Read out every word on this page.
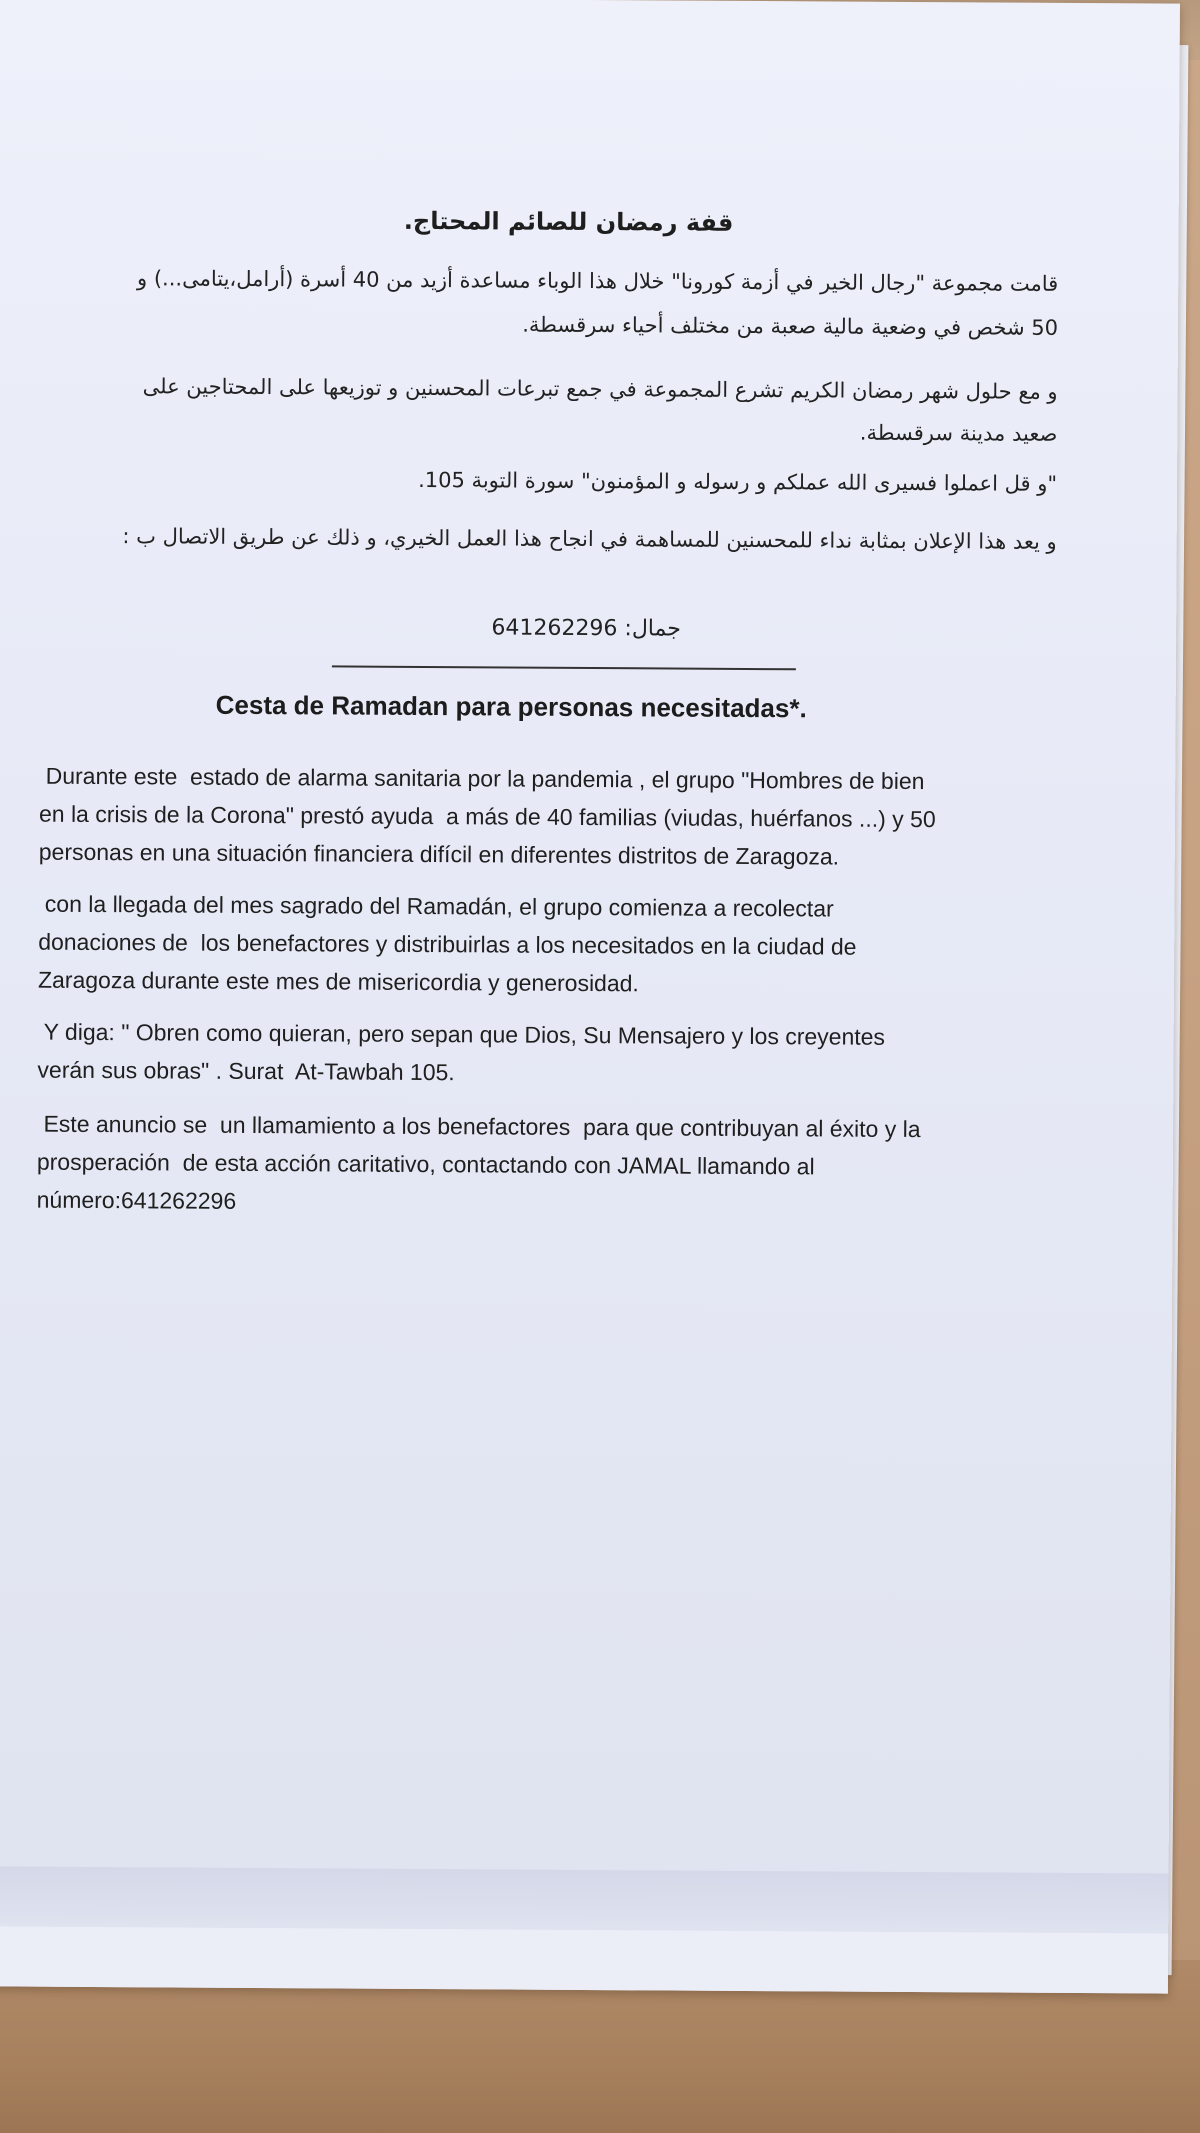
قفة رمضان للصائم المحتاج.
قامت مجموعة "رجال الخير في أزمة كورونا" خلال هذا الوباء مساعدة أزيد من 40 أسرة (أرامل،يتامى...) و
50 شخص في وضعية مالية صعبة من مختلف أحياء سرقسطة.
و مع حلول شهر رمضان الكريم تشرع المجموعة في جمع تبرعات المحسنين و توزيعها على المحتاجين على
صعيد مدينة سرقسطة.
"و قل اعملوا فسيرى الله عملكم و رسوله و المؤمنون" سورة التوبة 105.
و يعد هذا الإعلان بمثابة نداء للمحسنين للمساهمة في انجاح هذا العمل الخيري، و ذلك عن طريق الاتصال ب :
جمال: 641262296
Cesta de Ramadan para personas necesitadas*.
Durante este  estado de alarma sanitaria por la pandemia , el grupo "Hombres de bien
en la crisis de la Corona" prestó ayuda  a más de 40 familias (viudas, huérfanos ...) y 50
personas en una situación financiera difícil en diferentes distritos de Zaragoza.
con la llegada del mes sagrado del Ramadán, el grupo comienza a recolectar
donaciones de  los benefactores y distribuirlas a los necesitados en la ciudad de
Zaragoza durante este mes de misericordia y generosidad.
Y diga: " Obren como quieran, pero sepan que Dios, Su Mensajero y los creyentes
verán sus obras" . Surat  At-Tawbah 105.
Este anuncio se  un llamamiento a los benefactores  para que contribuyan al éxito y la
prosperación  de esta acción caritativo, contactando con JAMAL llamando al
número:641262296
